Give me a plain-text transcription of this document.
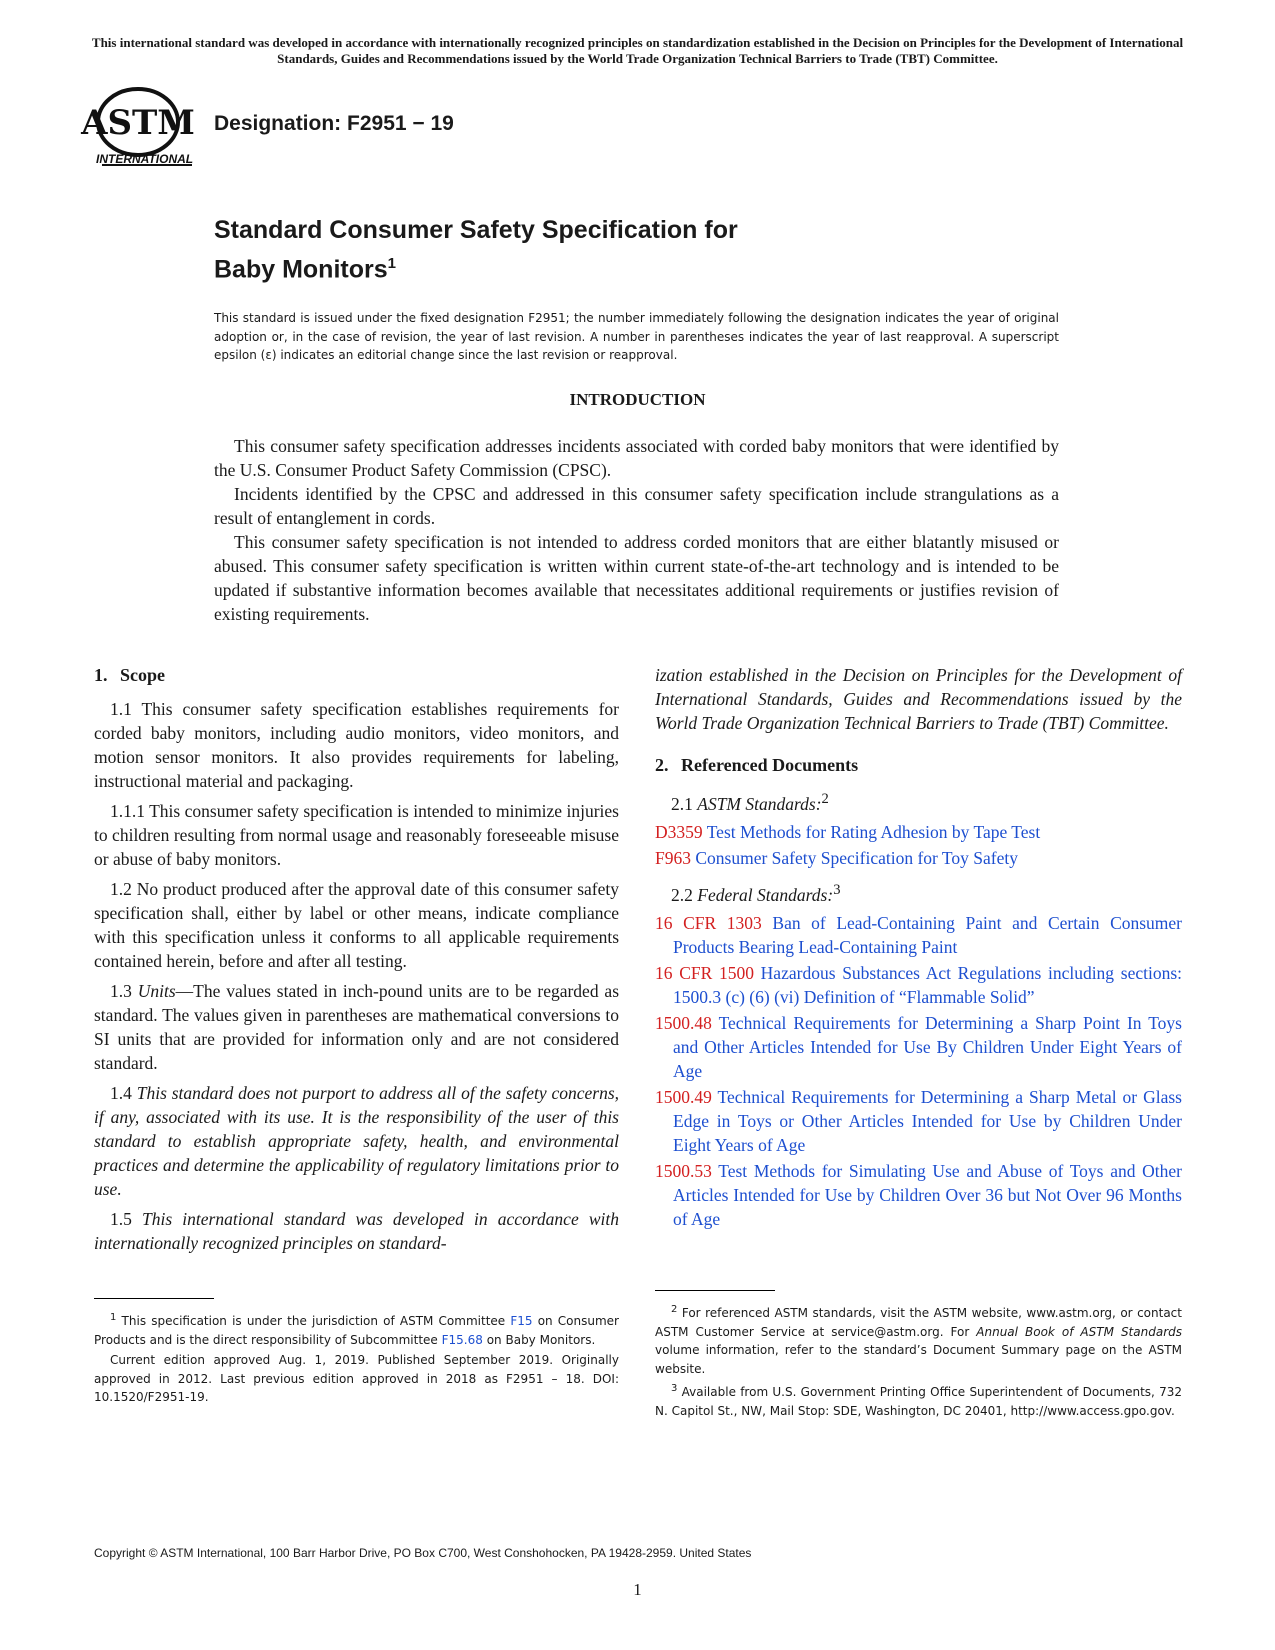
This international standard was developed in accordance with internationally recognized principles on standardization established in the Decision on Principles for the Development of International Standards, Guides and Recommendations issued by the World Trade Organization Technical Barriers to Trade (TBT) Committee.
ASTM
INTERNATIONAL
Designation: F2951 − 19
Standard Consumer Safety Specification for
Baby Monitors$^1$
This standard is issued under the fixed designation F2951; the number immediately following the designation indicates the year of original adoption or, in the case of revision, the year of last revision. A number in parentheses indicates the year of last reapproval. A superscript epsilon (ε) indicates an editorial change since the last revision or reapproval.
INTRODUCTION

This consumer safety specification addresses incidents associated with corded baby monitors that were identified by the U.S. Consumer Product Safety Commission (CPSC).

Incidents identified by the CPSC and addressed in this consumer safety specification include strangulations as a result of entanglement in cords.

This consumer safety specification is not intended to address corded monitors that are either blatantly misused or abused. This consumer safety specification is written within current state-of-the-art technology and is intended to be updated if substantive information becomes available that necessitates additional requirements or justifies revision of existing requirements.

1. Scope

1.1 This consumer safety specification establishes requirements for corded baby monitors, including audio monitors, video monitors, and motion sensor monitors. It also provides requirements for labeling, instructional material and packaging.

1.1.1 This consumer safety specification is intended to minimize injuries to children resulting from normal usage and reasonably foreseeable misuse or abuse of baby monitors.

1.2 No product produced after the approval date of this consumer safety specification shall, either by label or other means, indicate compliance with this specification unless it conforms to all applicable requirements contained herein, before and after all testing.

1.3 Units—The values stated in inch-pound units are to be regarded as standard. The values given in parentheses are mathematical conversions to SI units that are provided for information only and are not considered standard.

1.4 This standard does not purport to address all of the safety concerns, if any, associated with its use. It is the responsibility of the user of this standard to establish appropriate safety, health, and environmental practices and determine the applicability of regulatory limitations prior to use.

1.5 This international standard was developed in accordance with internationally recognized principles on standard-

ization established in the Decision on Principles for the Development of International Standards, Guides and Recommendations issued by the World Trade Organization Technical Barriers to Trade (TBT) Committee.

2. Referenced Documents
2.1 ASTM Standards:$^2$
D3359 Test Methods for Rating Adhesion by Tape Test
F963 Consumer Safety Specification for Toy Safety
2.2 Federal Standards:$^3$
16 CFR 1303 Ban of Lead-Containing Paint and Certain Consumer Products Bearing Lead-Containing Paint
16 CFR 1500 Hazardous Substances Act Regulations including sections: 1500.3 (c) (6) (vi) Definition of “Flammable Solid”
1500.48 Technical Requirements for Determining a Sharp Point In Toys and Other Articles Intended for Use By Children Under Eight Years of Age
1500.49 Technical Requirements for Determining a Sharp Metal or Glass Edge in Toys or Other Articles Intended for Use by Children Under Eight Years of Age
1500.53 Test Methods for Simulating Use and Abuse of Toys and Other Articles Intended for Use by Children Over 36 but Not Over 96 Months of Age

$^1$ This specification is under the jurisdiction of ASTM Committee F15 on Consumer Products and is the direct responsibility of Subcommittee F15.68 on Baby Monitors.

Current edition approved Aug. 1, 2019. Published September 2019. Originally approved in 2012. Last previous edition approved in 2018 as F2951 – 18. DOI: 10.1520/F2951-19.

$^2$ For referenced ASTM standards, visit the ASTM website, www.astm.org, or contact ASTM Customer Service at service@astm.org. For Annual Book of ASTM Standards volume information, refer to the standard’s Document Summary page on the ASTM website.

$^3$ Available from U.S. Government Printing Office Superintendent of Documents, 732 N. Capitol St., NW, Mail Stop: SDE, Washington, DC 20401, http://www.access.gpo.gov.

Copyright © ASTM International, 100 Barr Harbor Drive, PO Box C700, West Conshohocken, PA 19428-2959. United States
1
